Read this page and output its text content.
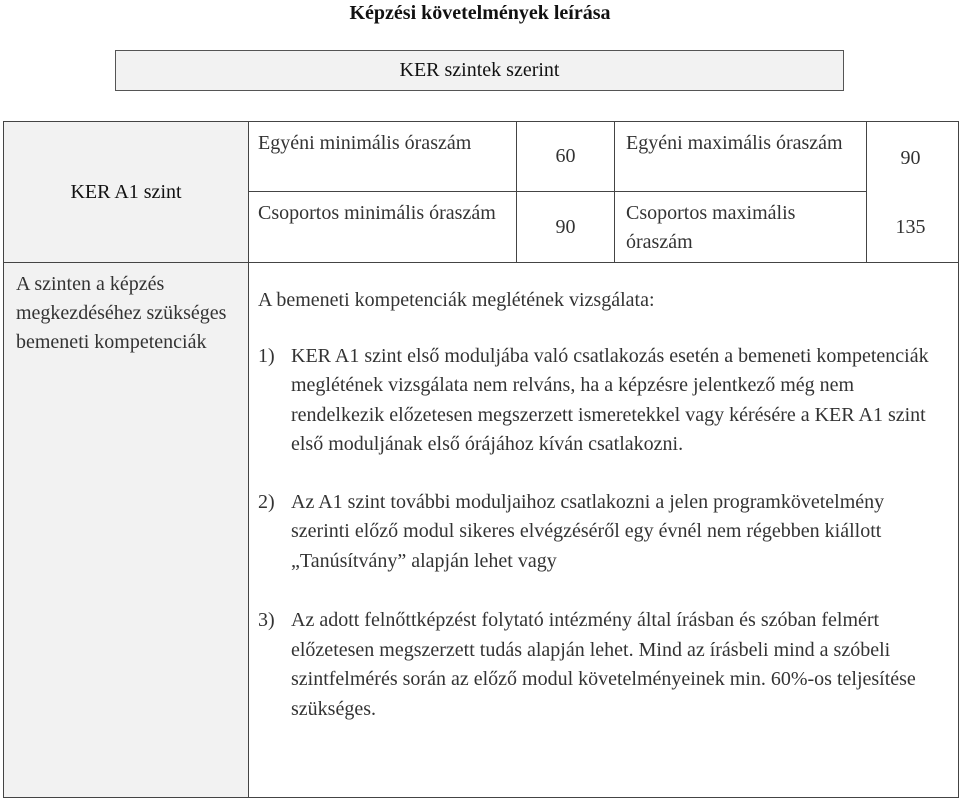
Képzési követelmények leírása
KER szintek szerint
KER A1 szint
Egyéni minimális óraszám
60
Egyéni maximális óraszám
90
Csoportos minimális óraszám
90
Csoportos maximális óraszám
135
A szinten a képzés megkezdéséhez szükséges bemeneti kompetenciák

A bemeneti kompetenciák meglétének vizsgálata:

1) KER A1 szint első moduljába való csatlakozás esetén a bemeneti kompetenciák meglétének vizsgálata nem relváns, ha a képzésre jelentkező még nem rendelkezik előzetesen megszerzett ismeretekkel vagy kérésére a KER A1 szint első moduljának első órájához kíván csatlakozni.
2) Az A1 szint további moduljaihoz csatlakozni a jelen programkövetelmény szerinti előző modul sikeres elvégzéséről egy évnél nem régebben kiállott „Tanúsítvány” alapján lehet vagy
3) Az adott felnőttképzést folytató intézmény által írásban és szóban felmért előzetesen megszerzett tudás alapján lehet. Mind az írásbeli mind a szóbeli szintfelmérés során az előző modul követelményeinek min. 60%-os teljesítése szükséges.
